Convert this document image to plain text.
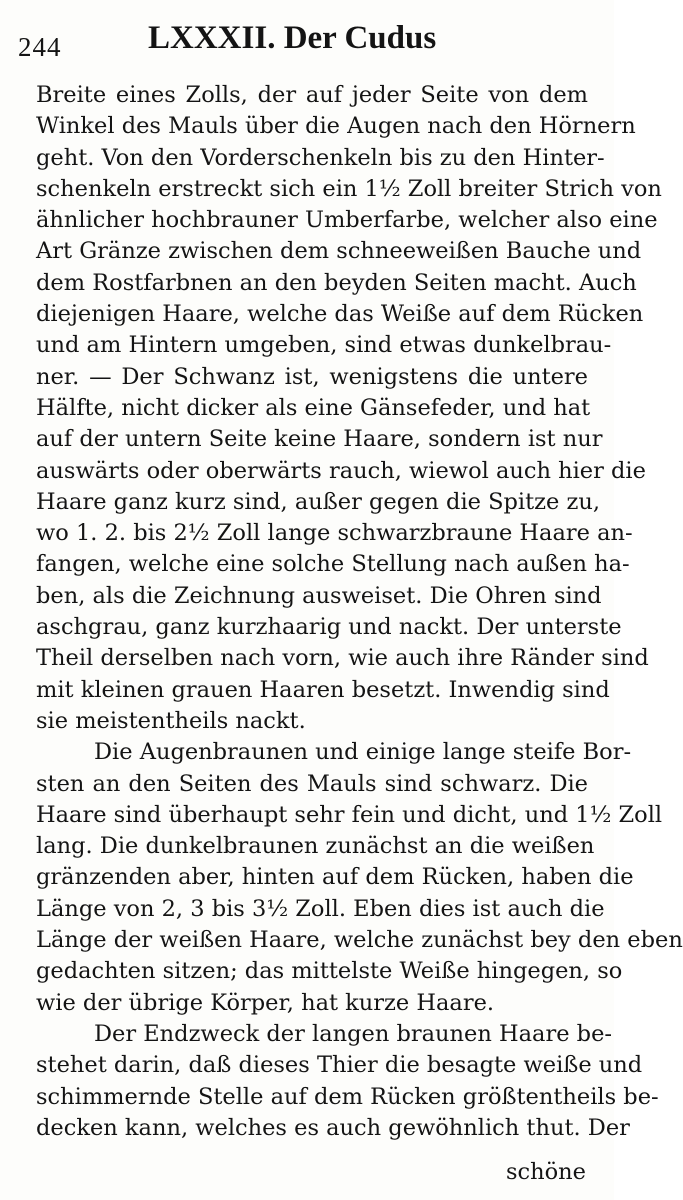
244	LXXXII. Der Cudus
Breite eines Zolls, der auf jeder Seite von dem
Winkel des Mauls über die Augen nach den Hörnern
geht. Von den Vorderschenkeln bis zu den Hinter-
schenkeln erstreckt sich ein 1½ Zoll breiter Strich von
ähnlicher hochbrauner Umberfarbe, welcher also eine
Art Gränze zwischen dem schneeweißen Bauche und
dem Rostfarbnen an den beyden Seiten macht. Auch
diejenigen Haare, welche das Weiße auf dem Rücken
und am Hintern umgeben, sind etwas dunkelbrau-
ner. — Der Schwanz ist, wenigstens die untere
Hälfte, nicht dicker als eine Gänsefeder, und hat
auf der untern Seite keine Haare, sondern ist nur
auswärts oder oberwärts rauch, wiewol auch hier die
Haare ganz kurz sind, außer gegen die Spitze zu,
wo 1. 2. bis 2½ Zoll lange schwarzbraune Haare an-
fangen, welche eine solche Stellung nach außen ha-
ben, als die Zeichnung ausweiset. Die Ohren sind
aschgrau, ganz kurzhaarig und nackt. Der unterste
Theil derselben nach vorn, wie auch ihre Ränder sind
mit kleinen grauen Haaren besetzt. Inwendig sind
sie meistentheils nackt.
Die Augenbraunen und einige lange steife Bor-
sten an den Seiten des Mauls sind schwarz. Die
Haare sind überhaupt sehr fein und dicht, und 1½ Zoll
lang. Die dunkelbraunen zunächst an die weißen
gränzenden aber, hinten auf dem Rücken, haben die
Länge von 2, 3 bis 3½ Zoll. Eben dies ist auch die
Länge der weißen Haare, welche zunächst bey den eben
gedachten sitzen; das mittelste Weiße hingegen, so
wie der übrige Körper, hat kurze Haare.
Der Endzweck der langen braunen Haare be-
stehet darin, daß dieses Thier die besagte weiße und
schimmernde Stelle auf dem Rücken größtentheils be-
decken kann, welches es auch gewöhnlich thut. Der
schöne
